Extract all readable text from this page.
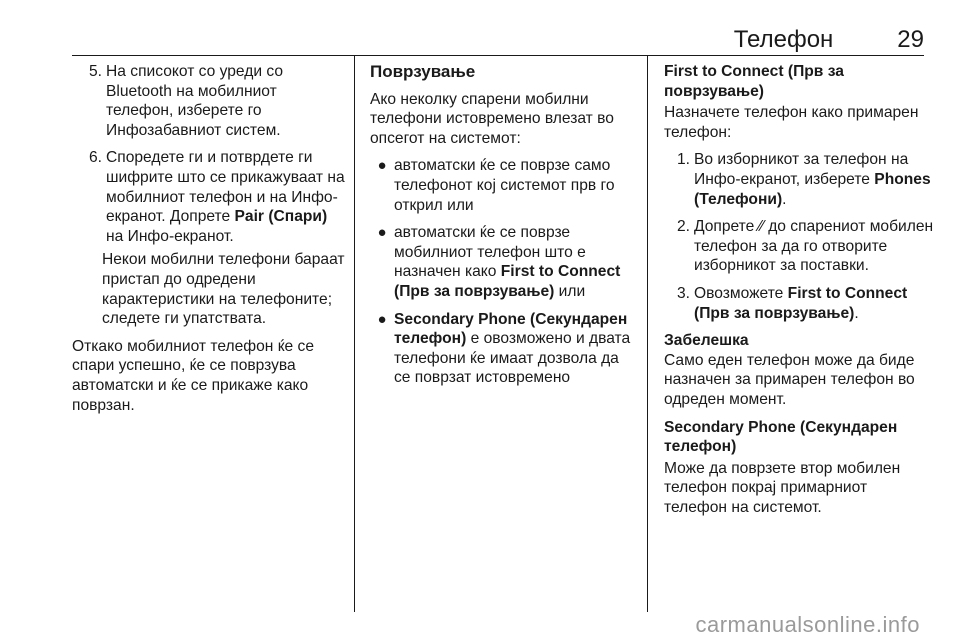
Телефон	29
5. На списокот со уреди со Bluetooth на мобилниот телефон, изберете го Инфозабавниот систем.
6. Споредете ги и потврдете ги шифрите што се прикажуваат на мобилниот телефон и на Инфо-екранот. Допрете Pair (Спари) на Инфо-екранот.

Некои мобилни телефони бараат пристап до одредени карактеристики на телефоните; следете ги упатствата.

Откако мобилниот телефон ќе се спари успешно, ќе се поврзува автоматски и ќе се прикаже како поврзан.

Поврзување

Ако неколку спарени мобилни телефони истовремено влезат во опсегот на системот:

● автоматски ќе се поврзе само телефонот кој системот прв го открил или
● автоматски ќе се поврзе мобилниот телефон што е назначен како First to Connect (Прв за поврзување) или
● Secondary Phone (Секундарен телефон) е овозможено и двата телефони ќе имаат дозвола да се поврзат истовремено
First to Connect (Прв за поврзување)

Назначете телефон како примарен телефон:

1. Во изборникот за телефон на Инфо-екранот, изберете Phones (Телефони).
2. Допрете ⁄⁄ до спарениот мобилен телефон за да го отворите изборникот за поставки.
3. Овозможете First to Connect (Прв за поврзување).
Забелешка

Само еден телефон може да биде назначен за примарен телефон во одреден момент.

Secondary Phone (Секундарен телефон)

Може да поврзете втор мобилен телефон покрај примарниот телефон на системот.

carmanualsonline.info
